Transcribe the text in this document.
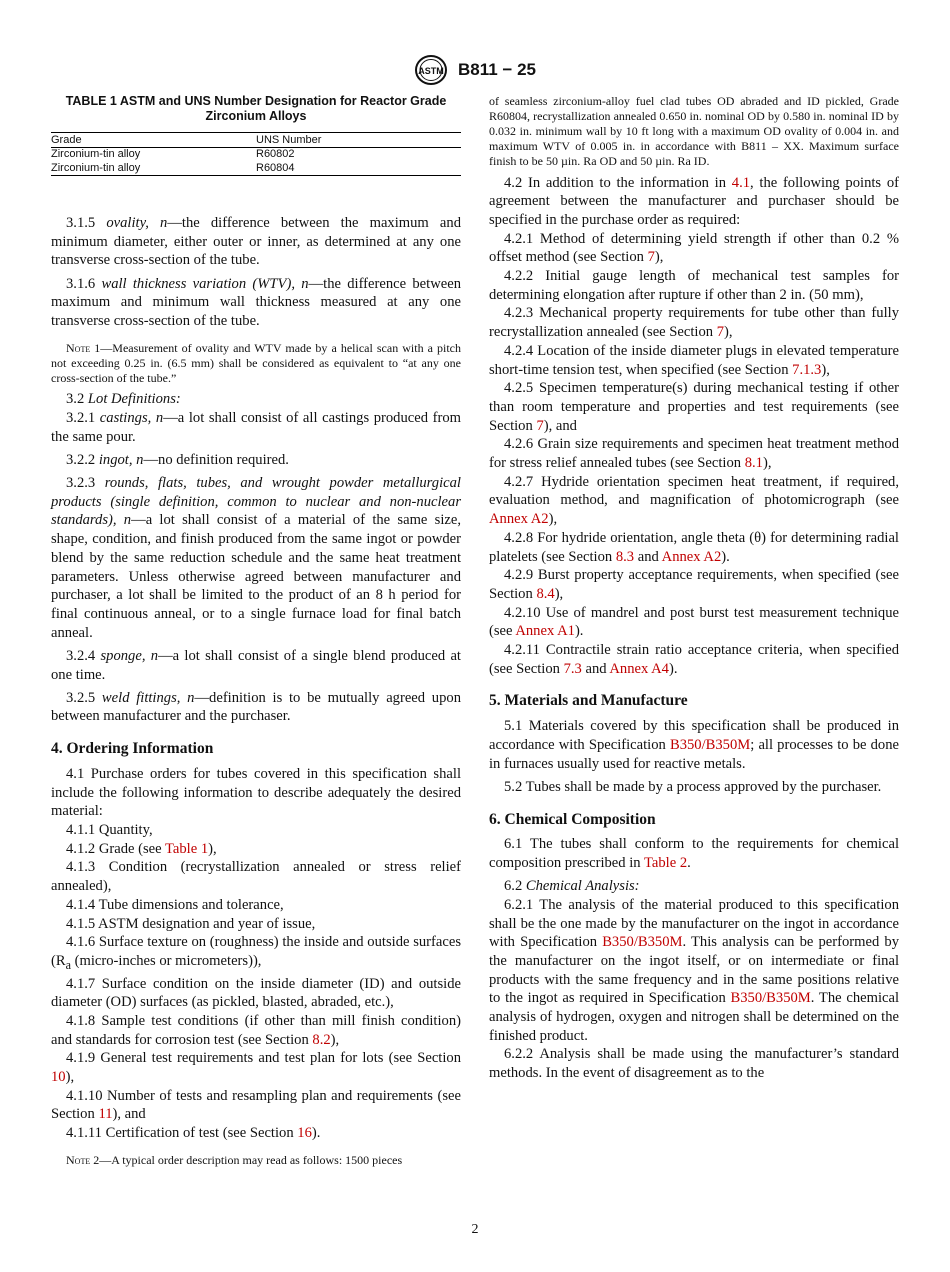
ASTM B811 − 25
TABLE 1 ASTM and UNS Number Designation for Reactor Grade Zirconium Alloys
Grade	UNS Number
Zirconium-tin alloy	R60802
Zirconium-tin alloy	R60804

3.1.5 ovality, n—the difference between the maximum and minimum diameter, either outer or inner, as determined at any one transverse cross-section of the tube.

3.1.6 wall thickness variation (WTV), n—the difference between maximum and minimum wall thickness measured at any one transverse cross-section of the tube.

Note 1—Measurement of ovality and WTV made by a helical scan with a pitch not exceeding 0.25 in. (6.5 mm) shall be considered as equivalent to “at any one cross-section of the tube.”

3.2 Lot Definitions:

3.2.1 castings, n—a lot shall consist of all castings produced from the same pour.

3.2.2 ingot, n—no definition required.

3.2.3 rounds, flats, tubes, and wrought powder metallurgical products (single definition, common to nuclear and non-nuclear standards), n—a lot shall consist of a material of the same size, shape, condition, and finish produced from the same ingot or powder blend by the same reduction schedule and the same heat treatment parameters. Unless otherwise agreed between manufacturer and purchaser, a lot shall be limited to the product of an 8 h period for final continuous anneal, or to a single furnace load for final batch anneal.

3.2.4 sponge, n—a lot shall consist of a single blend produced at one time.

3.2.5 weld fittings, n—definition is to be mutually agreed upon between manufacturer and the purchaser.

4. Ordering Information

4.1 Purchase orders for tubes covered in this specification shall include the following information to describe adequately the desired material:

4.1.1 Quantity,

4.1.2 Grade (see Table 1),

4.1.3 Condition (recrystallization annealed or stress relief annealed),

4.1.4 Tube dimensions and tolerance,

4.1.5 ASTM designation and year of issue,

4.1.6 Surface texture on (roughness) the inside and outside surfaces ($R_a$ (micro-inches or micrometers)),

4.1.7 Surface condition on the inside diameter (ID) and outside diameter (OD) surfaces (as pickled, blasted, abraded, etc.),

4.1.8 Sample test conditions (if other than mill finish condition) and standards for corrosion test (see Section 8.2),

4.1.9 General test requirements and test plan for lots (see Section 10),

4.1.10 Number of tests and resampling plan and requirements (see Section 11), and

4.1.11 Certification of test (see Section 16).

Note 2—A typical order description may read as follows: 1500 pieces

of seamless zirconium-alloy fuel clad tubes OD abraded and ID pickled, Grade R60804, recrystallization annealed 0.650 in. nominal OD by 0.580 in. nominal ID by 0.032 in. minimum wall by 10 ft long with a maximum OD ovality of 0.004 in. and maximum WTV of 0.005 in. in accordance with B811 – XX. Maximum surface finish to be 50 µin. Ra OD and 50 µin. Ra ID.

4.2 In addition to the information in 4.1, the following points of agreement between the manufacturer and purchaser should be specified in the purchase order as required:

4.2.1 Method of determining yield strength if other than 0.2 % offset method (see Section 7),

4.2.2 Initial gauge length of mechanical test samples for determining elongation after rupture if other than 2 in. (50 mm),

4.2.3 Mechanical property requirements for tube other than fully recrystallization annealed (see Section 7),

4.2.4 Location of the inside diameter plugs in elevated temperature short-time tension test, when specified (see Section 7.1.3),

4.2.5 Specimen temperature(s) during mechanical testing if other than room temperature and properties and test requirements (see Section 7), and

4.2.6 Grain size requirements and specimen heat treatment method for stress relief annealed tubes (see Section 8.1),

4.2.7 Hydride orientation specimen heat treatment, if required, evaluation method, and magnification of photomicrograph (see Annex A2),

4.2.8 For hydride orientation, angle theta (θ) for determining radial platelets (see Section 8.3 and Annex A2).

4.2.9 Burst property acceptance requirements, when specified (see Section 8.4),

4.2.10 Use of mandrel and post burst test measurement technique (see Annex A1).

4.2.11 Contractile strain ratio acceptance criteria, when specified (see Section 7.3 and Annex A4).

5. Materials and Manufacture

5.1 Materials covered by this specification shall be produced in accordance with Specification B350/B350M; all processes to be done in furnaces usually used for reactive metals.

5.2 Tubes shall be made by a process approved by the purchaser.

6. Chemical Composition

6.1 The tubes shall conform to the requirements for chemical composition prescribed in Table 2.

6.2 Chemical Analysis:

6.2.1 The analysis of the material produced to this specification shall be the one made by the manufacturer on the ingot in accordance with Specification B350/B350M. This analysis can be performed by the manufacturer on the ingot itself, or on intermediate or final products with the same frequency and in the same positions relative to the ingot as required in Specification B350/B350M. The chemical analysis of hydrogen, oxygen and nitrogen shall be determined on the finished product.

6.2.2 Analysis shall be made using the manufacturer’s standard methods. In the event of disagreement as to the

2
